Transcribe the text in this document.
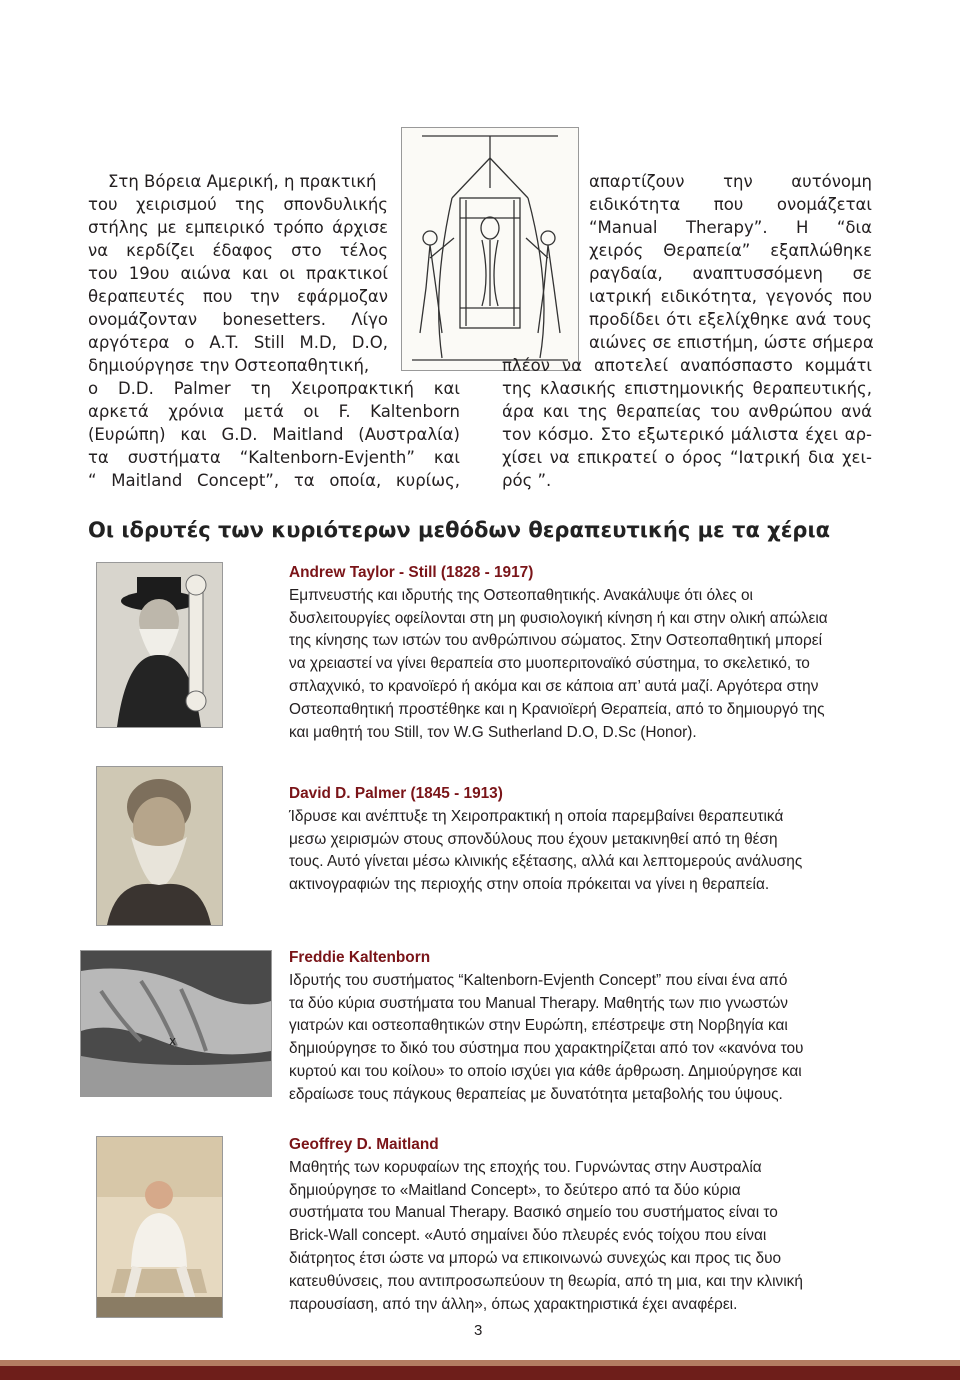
Στη Βόρεια Αμερική, η πρακτική
του χειρισμού της σπονδυλικής
στήλης με εμπειρικό τρόπο άρχισε
να κερδίζει έδαφος στο τέλος
του 19ου αιώνα και οι πρακτικοί
θεραπευτές που την εφάρμοζαν
ονομάζονταν bonesetters. Λίγο
αργότερα ο A.T. Still M.D, D.O,
δημιούργησε την Οστεοπαθητική,
ο D.D. Palmer τη Χειροπρακτική και
αρκετά χρόνια μετά οι F. Kaltenborn
(Ευρώπη) και G.D. Maitland (Αυστραλία)
τα συστήματα “Kaltenborn-Evjenth” και
“ Maitland Concept”, τα οποία, κυρίως,
απαρτίζουν την αυτόνομη
ειδικότητα που ονομάζεται
“Manual Therapy”. Η “δια
χειρός Θεραπεία” εξαπλώθηκε
ραγδαία, αναπτυσσόμενη σε
ιατρική ειδικότητα, γεγονός που
προδίδει ότι εξελίχθηκε ανά τους
αιώνες σε επιστήμη, ώστε σήμερα
πλέον να αποτελεί αναπόσπαστο κομμάτι
της κλασικής επιστημονικής θεραπευτικής,
άρα και της θεραπείας του ανθρώπου ανά
τον κόσμο. Στο εξωτερικό μάλιστα έχει αρ-
χίσει να επικρατεί ο όρος “Ιατρική δια χει-
ρός ”.
Οι ιδρυτές των κυριότερων μεθόδων θεραπευτικής με τα χέρια
x
Andrew Taylor - Still (1828 - 1917)
Εμπνευστής και ιδρυτής της Οστεοπαθητικής. Ανακάλυψε ότι όλες οι
δυσλειτουργίες οφείλονται στη μη φυσιολογική κίνηση ή και στην ολική απώλεια
της κίνησης των ιστών του ανθρώπινου σώματος. Στην Οστεοπαθητική μπορεί
να χρειαστεί να γίνει θεραπεία στο μυοπεριτοναϊκό σύστημα, το σκελετικό, το
σπλαχνικό, το κρανοϊερό ή ακόμα και σε κάποια απ’ αυτά μαζί. Αργότερα στην
Οστεοπαθητική προστέθηκε και η Κρανιοϊερή Θεραπεία, από το δημιουργό της
και μαθητή του Still, τον W.G Sutherland D.O, D.Sc (Honor).
David D. Palmer (1845 - 1913)
Ίδρυσε και ανέπτυξε τη Χειροπρακτική η οποία παρεμβαίνει θεραπευτικά
μεσω χειρισμών στους σπονδύλους που έχουν μετακινηθεί από τη θέση
τους. Αυτό γίνεται μέσω κλινικής εξέτασης, αλλά και λεπτομερούς ανάλυσης
ακτινογραφιών της περιοχής στην οποία πρόκειται να γίνει η θεραπεία.
Freddie Kaltenborn
Ιδρυτής του συστήματος “Kaltenborn-Evjenth Concept” που είναι ένα από
τα δύο κύρια συστήματα του Manual Therapy. Μαθητής των πιο γνωστών
γιατρών και οστεοπαθητικών στην Ευρώπη, επέστρεψε στη Νορβηγία και
δημιούργησε το δικό του σύστημα που χαρακτηρίζεται από τον «κανόνα του
κυρτού και του κοίλου» το οποίο ισχύει για κάθε άρθρωση. Δημιούργησε και
εδραίωσε τους πάγκους θεραπείας με δυνατότητα μεταβολής του ύψους.
Geoffrey D. Maitland
Μαθητής των κορυφαίων της εποχής του. Γυρνώντας στην Αυστραλία
δημιούργησε το «Maitland Concept», το δεύτερο από τα δύο κύρια
συστήματα του Manual Therapy. Βασικό σημείο του συστήματος είναι το
Brick-Wall concept. «Αυτό σημαίνει δύο πλευρές ενός τοίχου που είναι
διάτρητος έτσι ώστε να μπορώ να επικοινωνώ συνεχώς και προς τις δυο
κατευθύνσεις, που αντιπροσωπεύουν τη θεωρία, από τη μια, και την κλινική
παρουσίαση, από την άλλη», όπως χαρακτηριστικά έχει αναφέρει.
3
